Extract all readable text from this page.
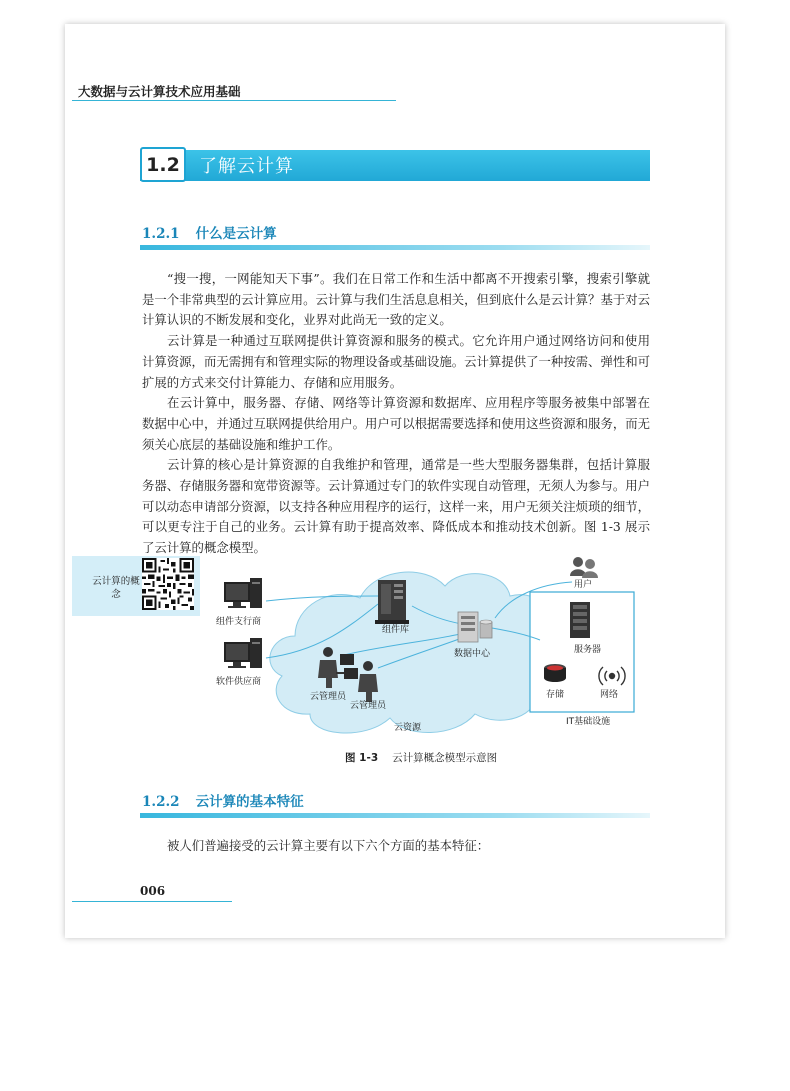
大数据与云计算技术应用基础
1.2	了解云计算
1.2.1 什么是云计算

“搜一搜，一网能知天下事”。我们在日常工作和生活中都离不开搜索引擎，搜索引擎就是一个非常典型的云计算应用。云计算与我们生活息息相关，但到底什么是云计算？基于对云计算认识的不断发展和变化，业界对此尚无一致的定义。

云计算是一种通过互联网提供计算资源和服务的模式。它允许用户通过网络访问和使用计算资源，而无需拥有和管理实际的物理设备或基础设施。云计算提供了一种按需、弹性和可扩展的方式来交付计算能力、存储和应用服务。

在云计算中，服务器、存储、网络等计算资源和数据库、应用程序等服务被集中部署在数据中心中，并通过互联网提供给用户。用户可以根据需要选择和使用这些资源和服务，而无须关心底层的基础设施和维护工作。

云计算的核心是计算资源的自我维护和管理，通常是一些大型服务器集群，包括计算服务器、存储服务器和宽带资源等。云计算通过专门的软件实现自动管理，无须人为参与。用户可以动态申请部分资源，以支持各种应用程序的运行，这样一来，用户无须关注烦琐的细节，可以更专注于自己的业务。云计算有助于提高效率、降低成本和推动技术创新。图 1-3 展示了云计算的概念模型。

云计算的概念
组件支行商
软件供应商
组件库
云管理员
云管理员
数据中心
云资源
用户
服务器
存储	网络
IT基础设施
图 1-3 云计算概念模型示意图
1.2.2 云计算的基本特征

被人们普遍接受的云计算主要有以下六个方面的基本特征：

006
